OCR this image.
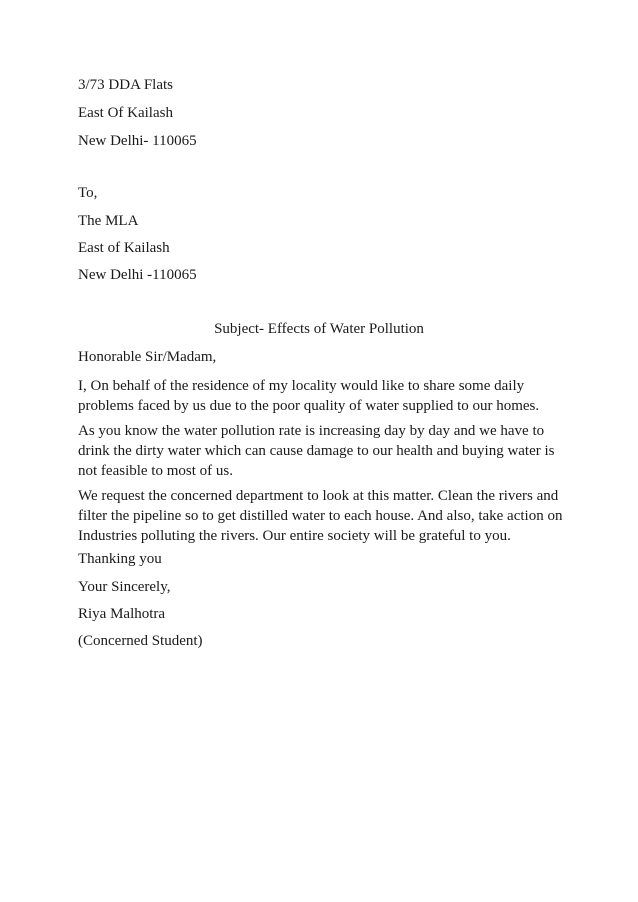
3/73 DDA Flats
East Of Kailash
New Delhi- 110065
To,
The MLA
East of Kailash
New Delhi -110065
Subject- Effects of Water Pollution
Honorable Sir/Madam,
I, On behalf of the residence of my locality would like to share some daily problems faced by us due to the poor quality of water supplied to our homes.
As you know the water pollution rate is increasing day by day and we have to drink the dirty water which can cause damage to our health and buying water is not feasible to most of us.
We request the concerned department to look at this matter. Clean the rivers and filter the pipeline so to get distilled water to each house. And also, take action on Industries polluting the rivers. Our entire society will be grateful to you.
Thanking you
Your Sincerely,
Riya Malhotra
(Concerned Student)
